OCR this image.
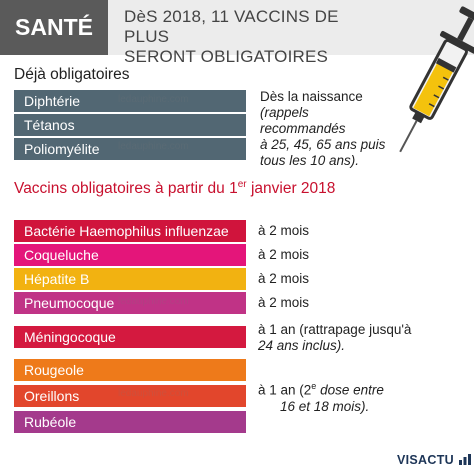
SANTÉ	DèS 2018, 11 VACCINS DE PLUS
SERONT OBLIGATOIRES
Déjà obligatoires
Diphtérie
Tétanos
Poliomyélite
Dès la naissance
(rappels recommandés
à 25, 45, 65 ans puis
tous les 10 ans).
Vaccins obligatoires à partir du 1er janvier 2018
Bactérie Haemophilus influenzae
Coqueluche
Hépatite B
Pneumocoque
à 2 mois
à 2 mois
à 2 mois
à 2 mois
Méningocoque	à 1 an (rattrapage jusqu'à
24 ans inclus).
Rougeole
Oreillons
Rubéole
à 1 an (2e dose entre
16 et 18 mois).
ledauphine.com
ledauphine.com
ledauphine.com
ledauphine.com
VISACTU
